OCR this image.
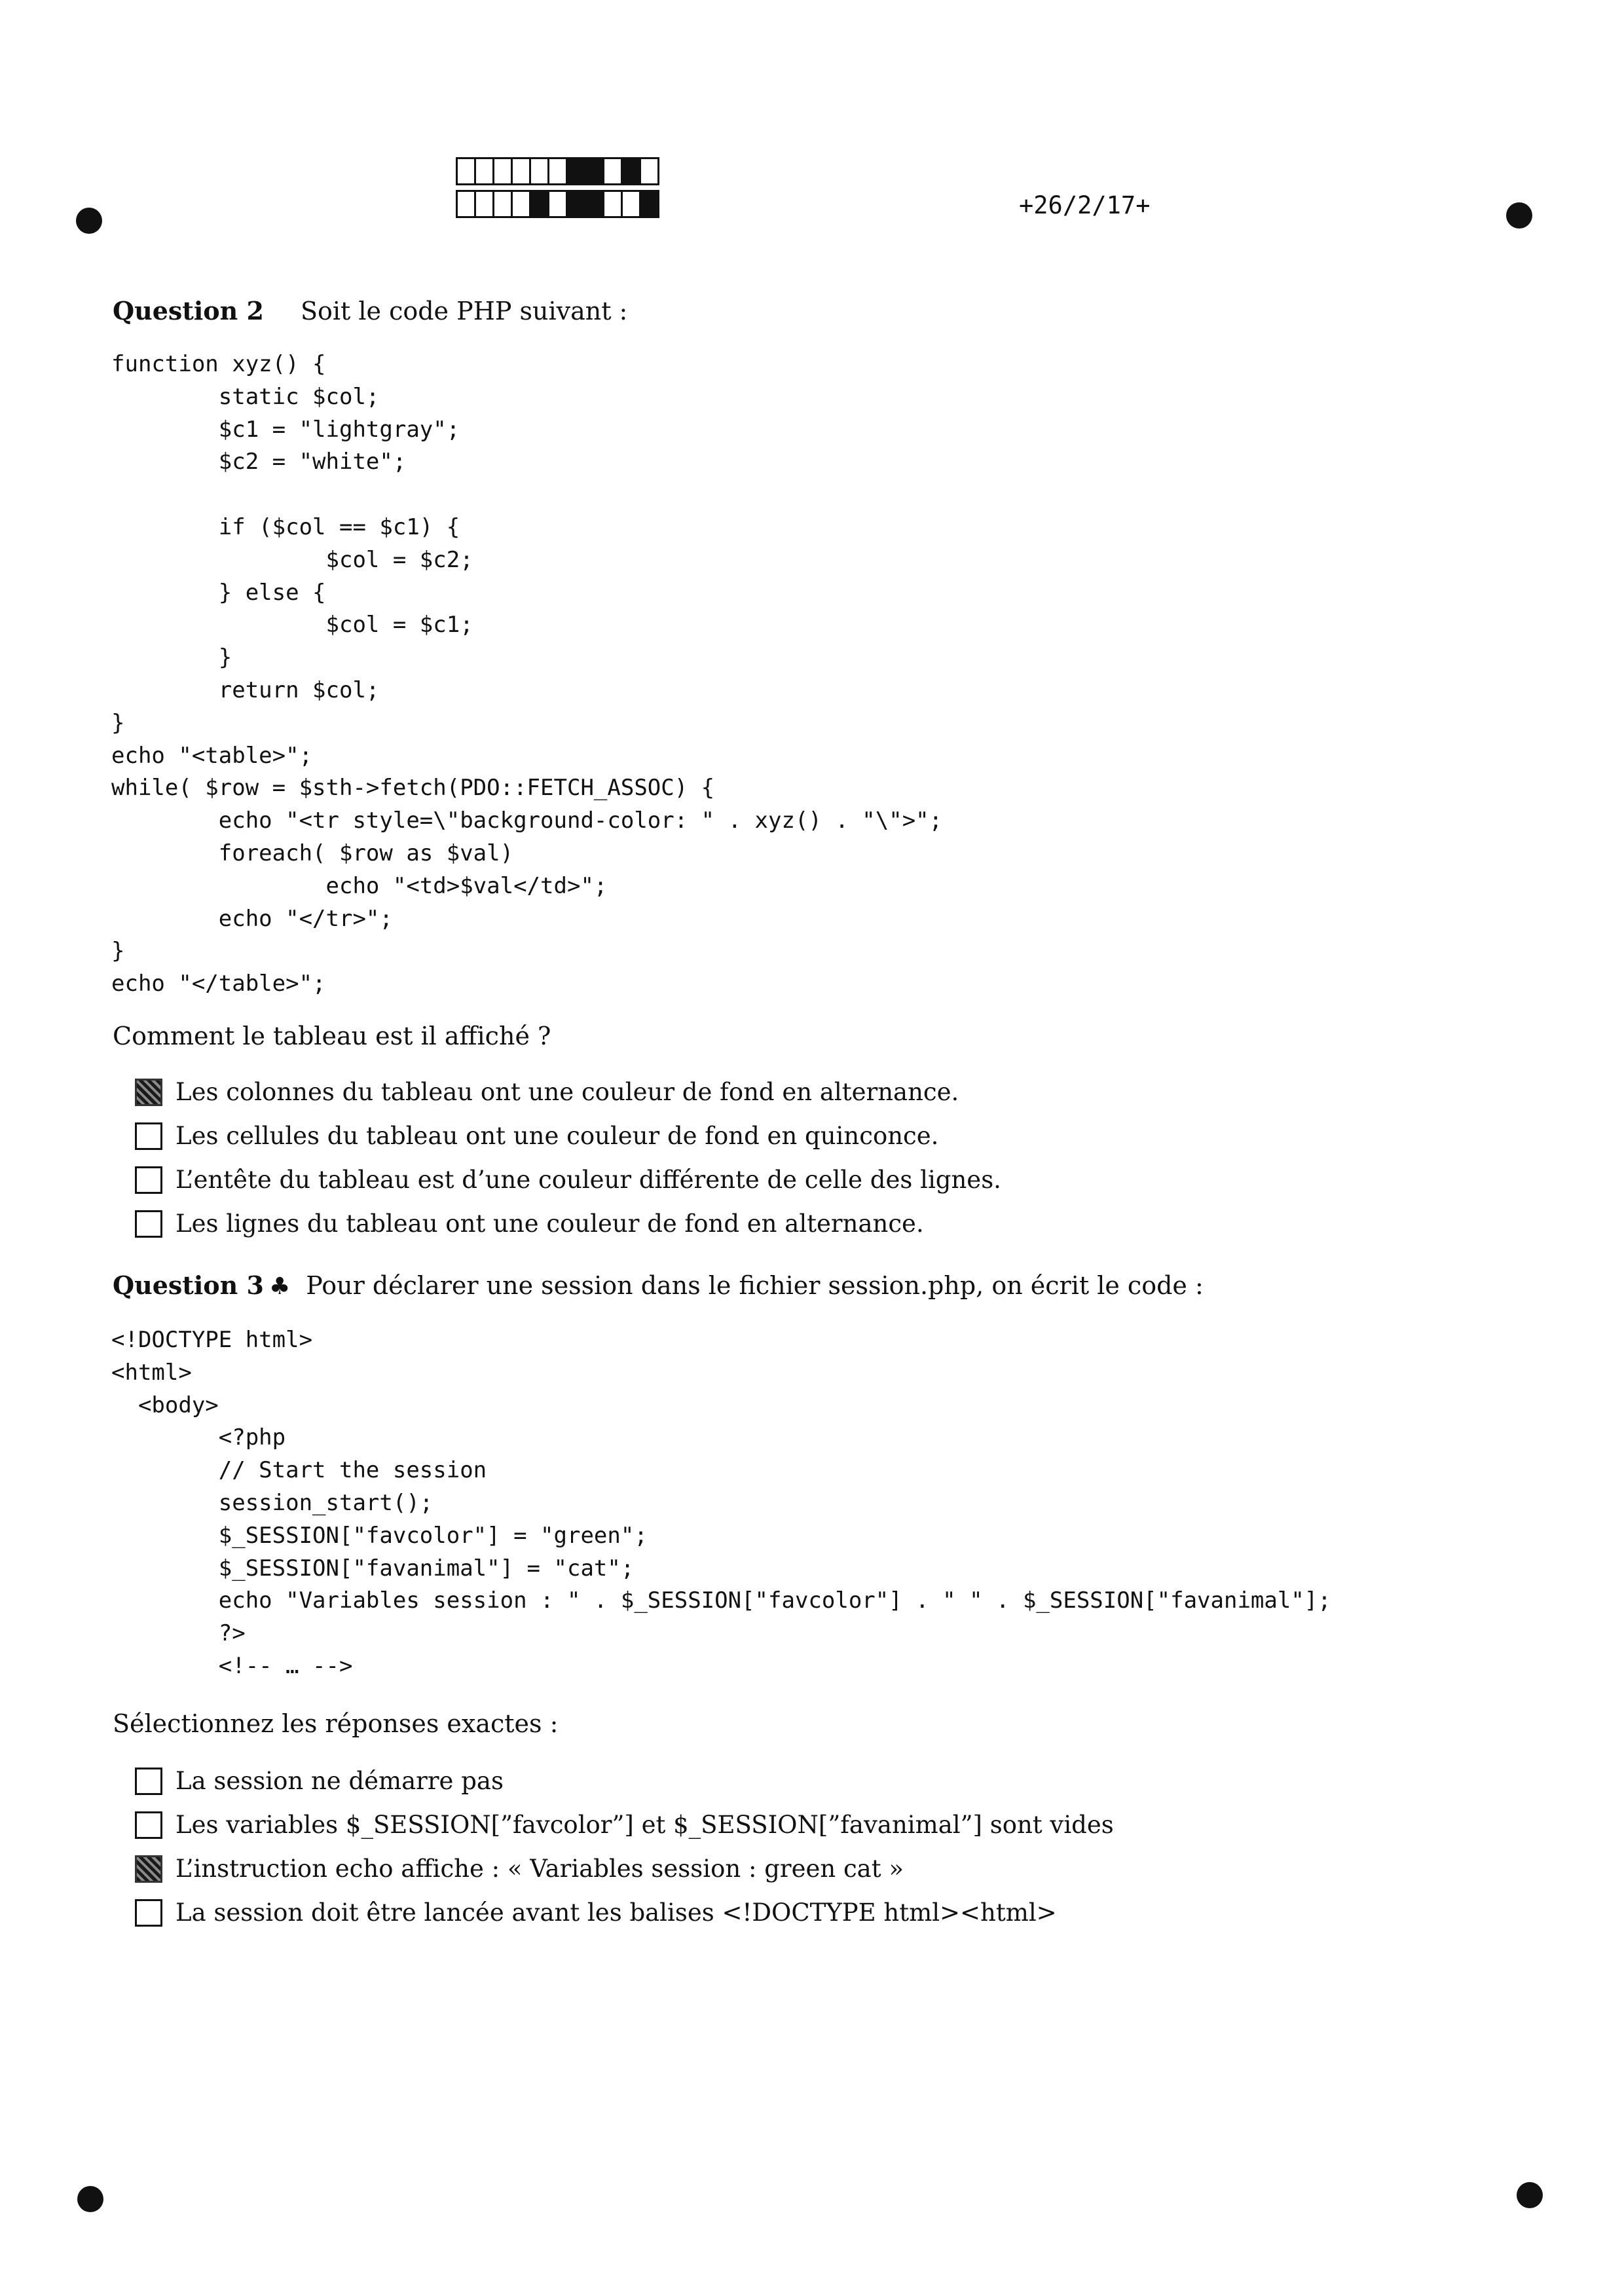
+26/2/17+
Question 2 Soit le code PHP suivant :
function xyz() {
static $col;
$c1 = "lightgray";
$c2 = "white";

if ($col == $c1) {
$col = $c2;
} else {
$col = $c1;
}
return $col;
}
echo "<table>";
while( $row = $sth->fetch(PDO::FETCH_ASSOC) {
echo "<tr style=\"background-color: " . xyz() . "\">";
foreach( $row as $val)
echo "<td>$val</td>";
echo "</tr>";
}
echo "</table>";
Comment le tableau est il affiché ?
Les colonnes du tableau ont une couleur de fond en alternance.
Les cellules du tableau ont une couleur de fond en quinconce.
L’entête du tableau est d’une couleur différente de celle des lignes.
Les lignes du tableau ont une couleur de fond en alternance.
Question 3 ♣ Pour déclarer une session dans le fichier session.php, on écrit le code :
<!DOCTYPE html>
<html>
<body>
<?php
// Start the session
session_start();
$_SESSION["favcolor"] = "green";
$_SESSION["favanimal"] = "cat";
echo "Variables session : " . $_SESSION["favcolor"] . " " . $_SESSION["favanimal"];
?>
<!-- … -->
Sélectionnez les réponses exactes :
La session ne démarre pas
Les variables $_SESSION[”favcolor”] et $_SESSION[”favanimal”] sont vides
L’instruction echo affiche : « Variables session : green cat »
La session doit être lancée avant les balises <!DOCTYPE html><html>
